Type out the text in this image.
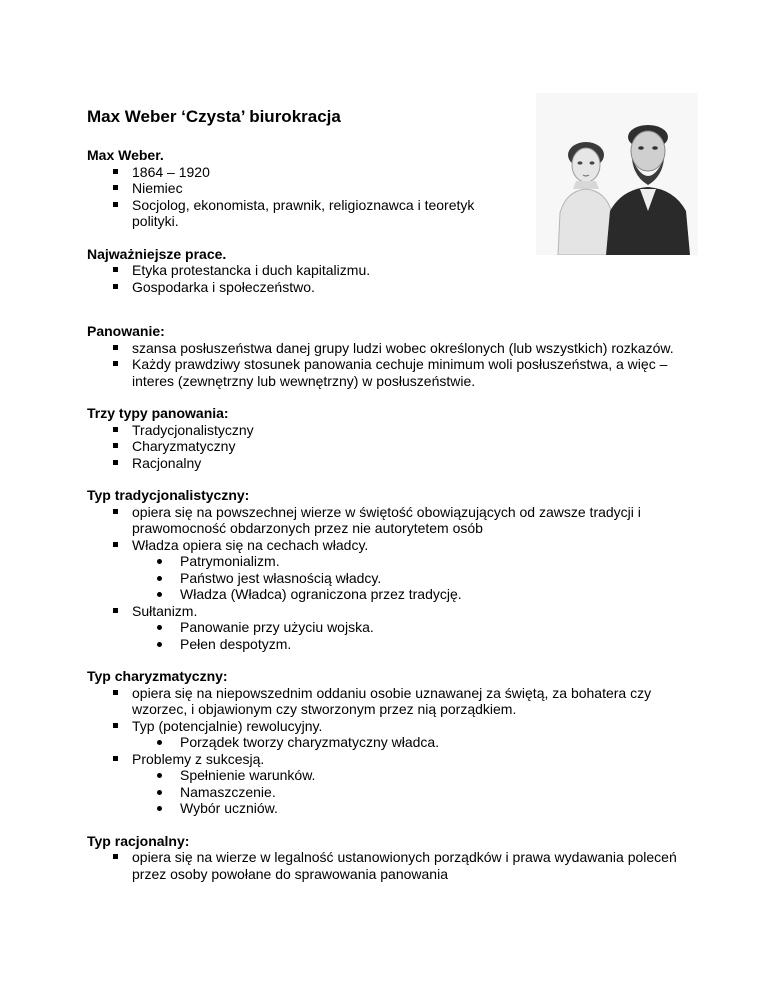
Max Weber ‘Czysta’ biurokracja

Max Weber.

1864 – 1920
Niemiec
Socjolog, ekonomista, prawnik, religioznawca i teoretyk polityki.

Najważniejsze prace.

Etyka protestancka i duch kapitalizmu.
Gospodarka i społeczeństwo.

Panowanie:

szansa posłuszeństwa danej grupy ludzi wobec określonych (lub wszystkich) rozkazów.
Każdy prawdziwy stosunek panowania cechuje minimum woli posłuszeństwa, a więc – interes (zewnętrzny lub wewnętrzny) w posłuszeństwie.

Trzy typy panowania:

Tradycjonalistyczny
Charyzmatyczny
Racjonalny

Typ tradycjonalistyczny:

opiera się na powszechnej wierze w świętość obowiązujących od zawsze tradycji i prawomocność obdarzonych przez nie autorytetem osób
Władza opiera się na cechach władcy.
Patrymonializm.
Państwo jest własnością władcy.
Władza (Władca) ograniczona przez tradycję.
Sułtanizm.
Panowanie przy użyciu wojska.
Pełen despotyzm.

Typ charyzmatyczny:

opiera się na niepowszednim oddaniu osobie uznawanej za świętą, za bohatera czy wzorzec, i objawionym czy stworzonym przez nią porządkiem.
Typ (potencjalnie) rewolucyjny.
Porządek tworzy charyzmatyczny władca.
Problemy z sukcesją.
Spełnienie warunków.
Namaszczenie.
Wybór uczniów.

Typ racjonalny:

opiera się na wierze w legalność ustanowionych porządków i prawa wydawania poleceń przez osoby powołane do sprawowania panowania
